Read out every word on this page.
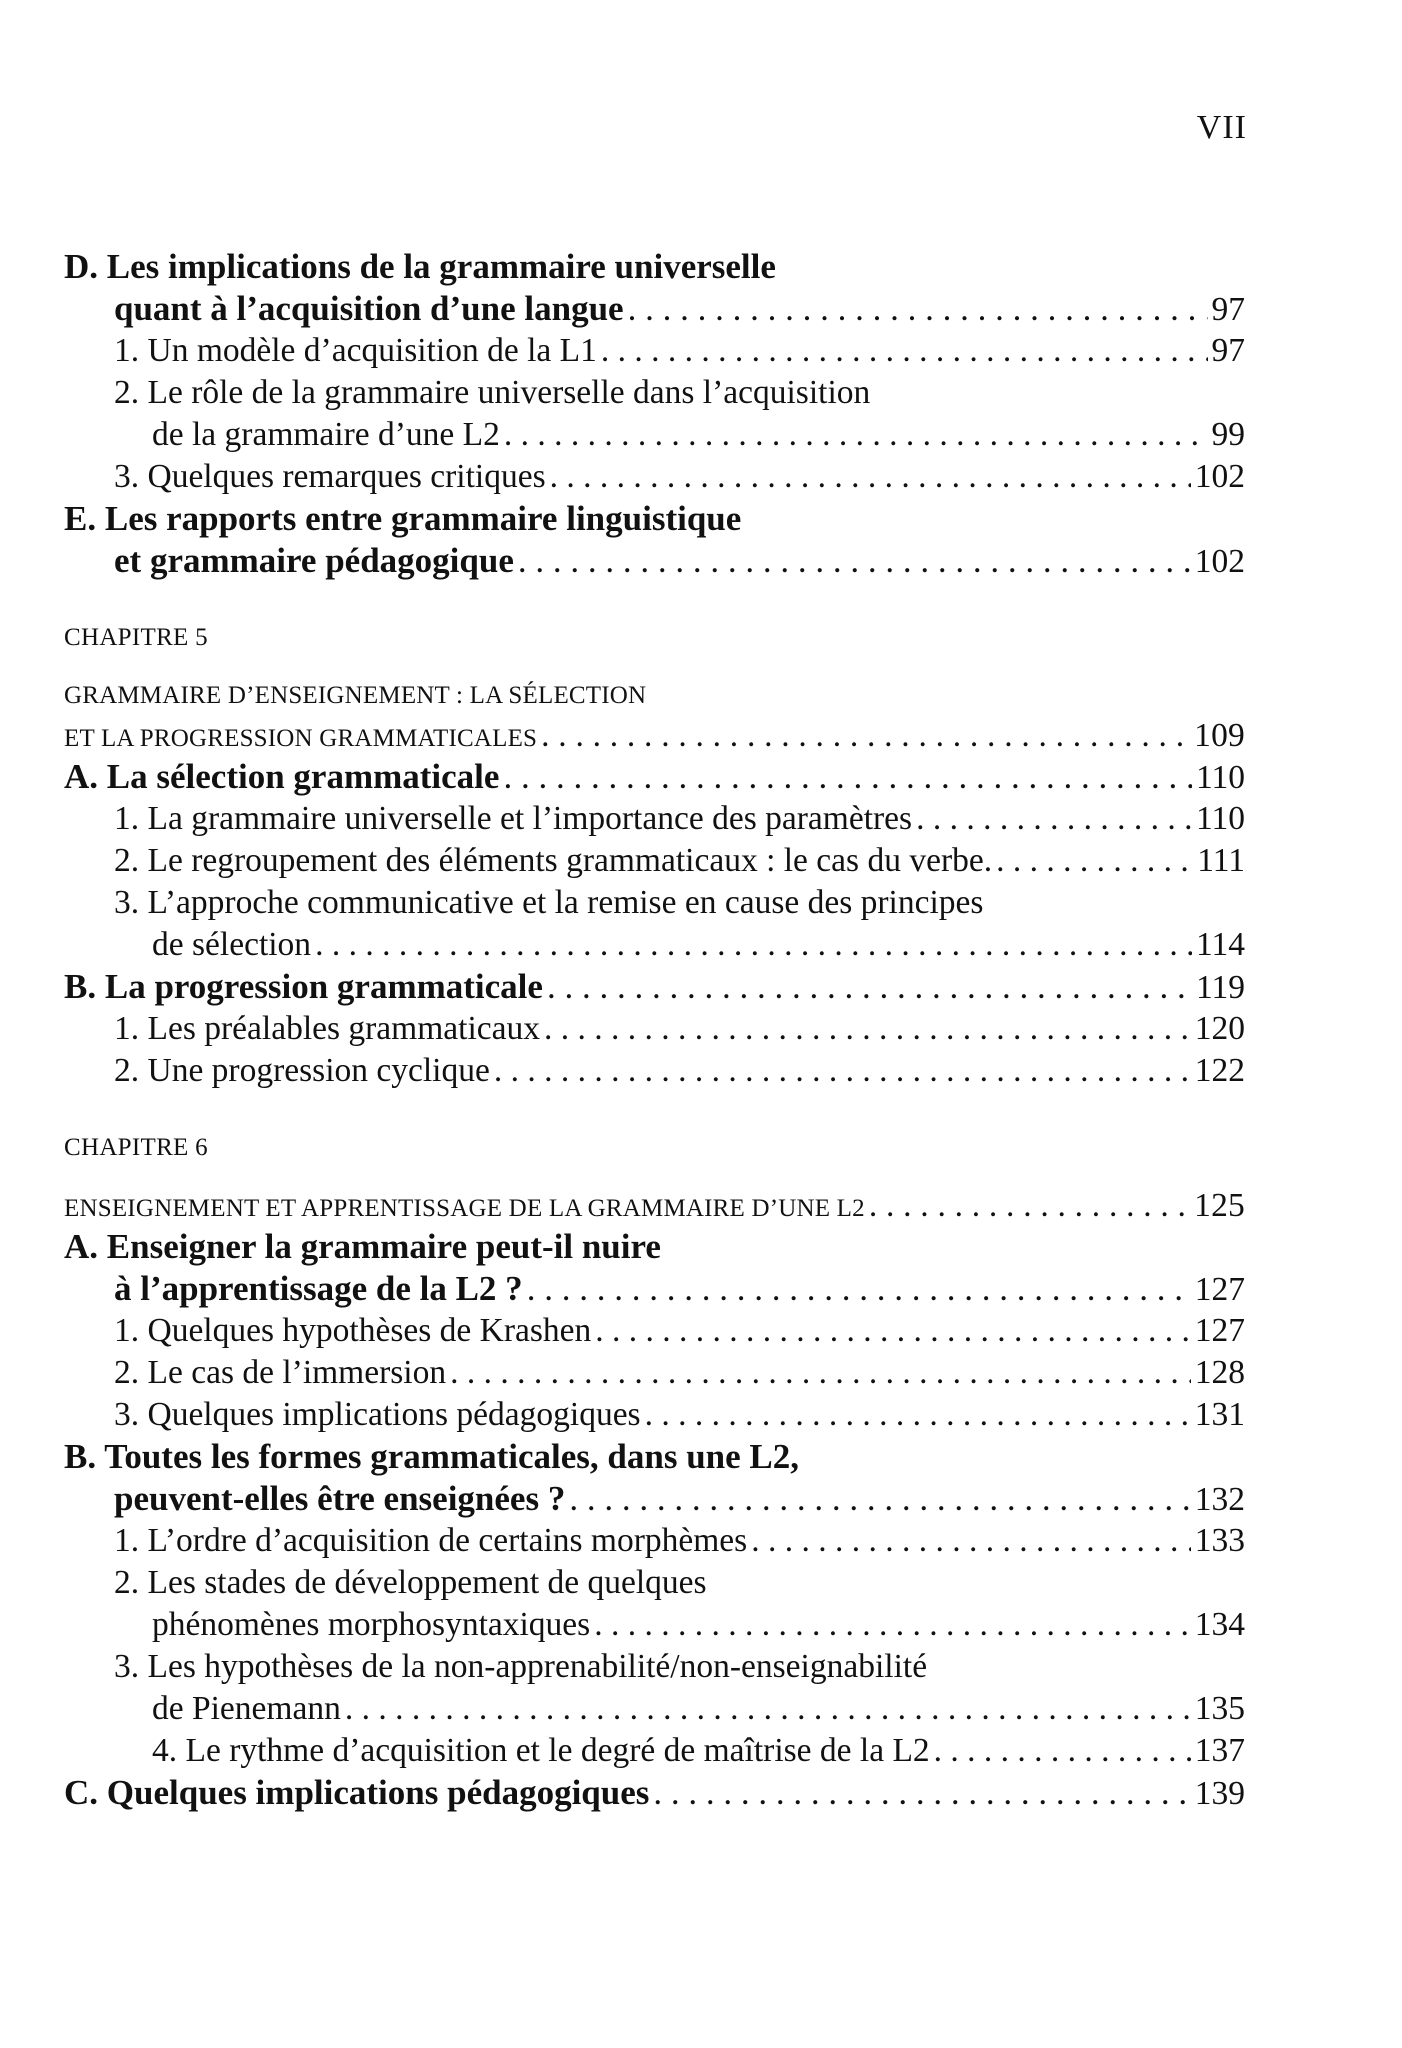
VII
D. Les implications de la grammaire universelle
quant à l’acquisition d’une langue . . .	97
1. Un modèle d’acquisition de la L1 . . .	97
2. Le rôle de la grammaire universelle dans l’acquisition
de la grammaire d’une L2 . . .	99
3. Quelques remarques critiques . . .	102
E. Les rapports entre grammaire linguistique
et grammaire pédagogique . . .	102
CHAPITRE 5
GRAMMAIRE D’ENSEIGNEMENT : LA SÉLECTION
ET LA PROGRESSION GRAMMATICALES . . .	109
A. La sélection grammaticale . . .	110
1. La grammaire universelle et l’importance des paramètres . . .	110
2. Le regroupement des éléments grammaticaux : le cas du verbe. . . .	111
3. L’approche communicative et la remise en cause des principes
de sélection . . .	114
B. La progression grammaticale . . .	119
1. Les préalables grammaticaux . . .	120
2. Une progression cyclique . . .	122
CHAPITRE 6
ENSEIGNEMENT ET APPRENTISSAGE DE LA GRAMMAIRE D’UNE L2 . . .	125
A. Enseigner la grammaire peut-il nuire
à l’apprentissage de la L2 ? . . .	127
1. Quelques hypothèses de Krashen . . .	127
2. Le cas de l’immersion . . .	128
3. Quelques implications pédagogiques . . .	131
B. Toutes les formes grammaticales, dans une L2,
peuvent-elles être enseignées ? . . .	132
1. L’ordre d’acquisition de certains morphèmes . . .	133
2. Les stades de développement de quelques
phénomènes morphosyntaxiques . . .	134
3. Les hypothèses de la non-apprenabilité/non-enseignabilité
de Pienemann . . .	135
4. Le rythme d’acquisition et le degré de maîtrise de la L2 . . .	137
C. Quelques implications pédagogiques . . .	139
